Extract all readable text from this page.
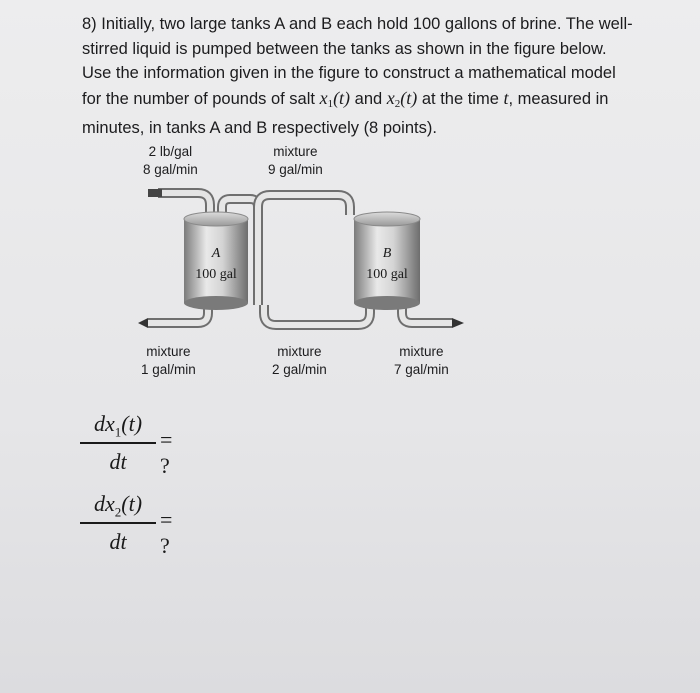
8) Initially, two large tanks A and B each hold 100 gallons of brine. The well-
stirred liquid is pumped between the tanks as shown in the figure below.
Use the information given in the figure to construct a mathematical model
for the number of pounds of salt $x_1(t)$ and $x_2(t)$ at the time t, measured in
minutes, in tanks A and B respectively (8 points).
2 lb/gal
8 gal/min
mixture
9 gal/min
mixture
1 gal/min
mixture
2 gal/min
mixture
7 gal/min
A
100 gal
B
100 gal
$dx_1(t)$
dt
= ?
$dx_2(t)$
dt
= ?
